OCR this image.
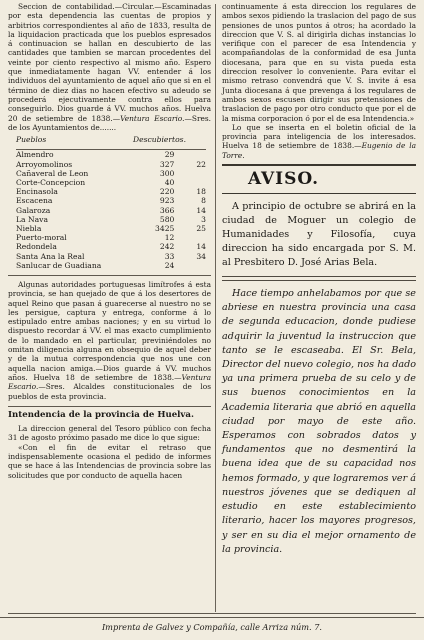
Seccion de contabilidad.—Circular.—Escaminadas por esta dependencia las cuentas de propios y arbitrios correspondientes al año de 1833, resulta de la liquidacion practicada que los pueblos espresados á continuacion se hallan en descubierto de las cantidades que tambien se marcan procedentes del veinte por ciento respectivo al mismo año. Espero que inmediatamente hagan VV. entender á los individuos del ayuntamiento de aquel año que si en el término de diez dias no hacen efectivo su adeudo se procederá ejecutivamente contra ellos para conseguirlo. Dios guarde á VV. muchos años. Huelva 20 de setiembre de 1838.—Ventura Escario.—Sres. de los Ayuntamientos de.......

Pueblos	Descubiertos.	
Almendro	29	
Arroyomolinos	327	22
Cañaveral de Leon	300	
Corte-Concepcion	40	
Encinasola	220	18
Escacena	923	8
Galaroza	366	14
La Nava	580	3
Niebla	3425	25
Puerto-moral	12	
Redondela	242	14
Santa Ana la Real	33	34
Sanlucar de Guadiana	24	

Algunas autoridades portuguesas limítrofes á esta provincia, se han quejado de que á los desertores de aquel Reino que pasan á guarecerse al nuestro no se les persigue, captura y entrega, conforme á lo estipulado entre ambas naciones; y en su virtud lo dispuesto recordar á VV. el mas exacto cumplimiento de lo mandado en el particular, previniéndoles no omitan diligencia alguna en obsequio de aquel deber y de la mutua correspondencia que nos une con aquella nacion amiga.—Dios guarde á VV. muchos años. Huelva 18 de setiembre de 1838.—Ventura Escario.—Sres. Alcaldes constitucionales de los pueblos de esta provincia.

Intendencia de la provincia de Huelva.

La direccion general del Tesoro público con fecha 31 de agosto próximo pasado me dice lo que sigue:

«Con el fin de evitar el retraso que indispensablemente ocasiona el pedido de informes que se hace á las Intendencias de provincia sobre las solicitudes que por conducto de aquella hacen

continuamente á esta direccion los regulares de ambos sexos pidiendo la traslacion del pago de sus pensiones de unos puntos á otros; ha acordado la direccion que V. S. al dirigirla dichas instancias lo verifique con el parecer de esa Intendencia y acompañandolas de la conformidad de esa Junta diocesana, para que en su vista pueda esta direccion resolver lo conveniente. Para evitar el mismo retraso convendrá que V. S. invite á esa Junta diocesana á que prevenga á los regulares de ambos sexos escusen dirigir sus pretensiones de traslacion de pago por otro conducto que por el de la misma corporacion ó por el de esa Intendencia.»

Lo que se inserta en el boletin oficial de la provincia para inteligencia de los interesados. Huelva 18 de setiembre de 1838.—Eugenio de la Torre.

AVISO.

A principio de octubre se abrirá en la ciudad de Moguer un colegio de Humanidades y Filosofía, cuya direccion ha sido encargada por S. M. al Presbitero D. José Arias Bela.

Hace tiempo anhelabamos por que se abriese en nuestra provincia una casa de segunda educacion, donde pudiese adquirir la juventud la instruccion que tanto se le escaseaba. El Sr. Bela, Director del nuevo colegio, nos ha dado ya una primera prueba de su celo y de sus buenos conocimientos en la Academia literaria que abrió en aquella ciudad por mayo de este año. Esperamos con sobrados datos y fundamentos que no desmentirá la buena idea que de su capacidad nos hemos formado, y que lograremos ver á nuestros jóvenes que se dediquen al estudio en este establecimiento literario, hacer los mayores progresos, y ser en su dia el mejor ornamento de la provincia.

Imprenta de Galvez y Compañía, calle Arriza núm. 7.
